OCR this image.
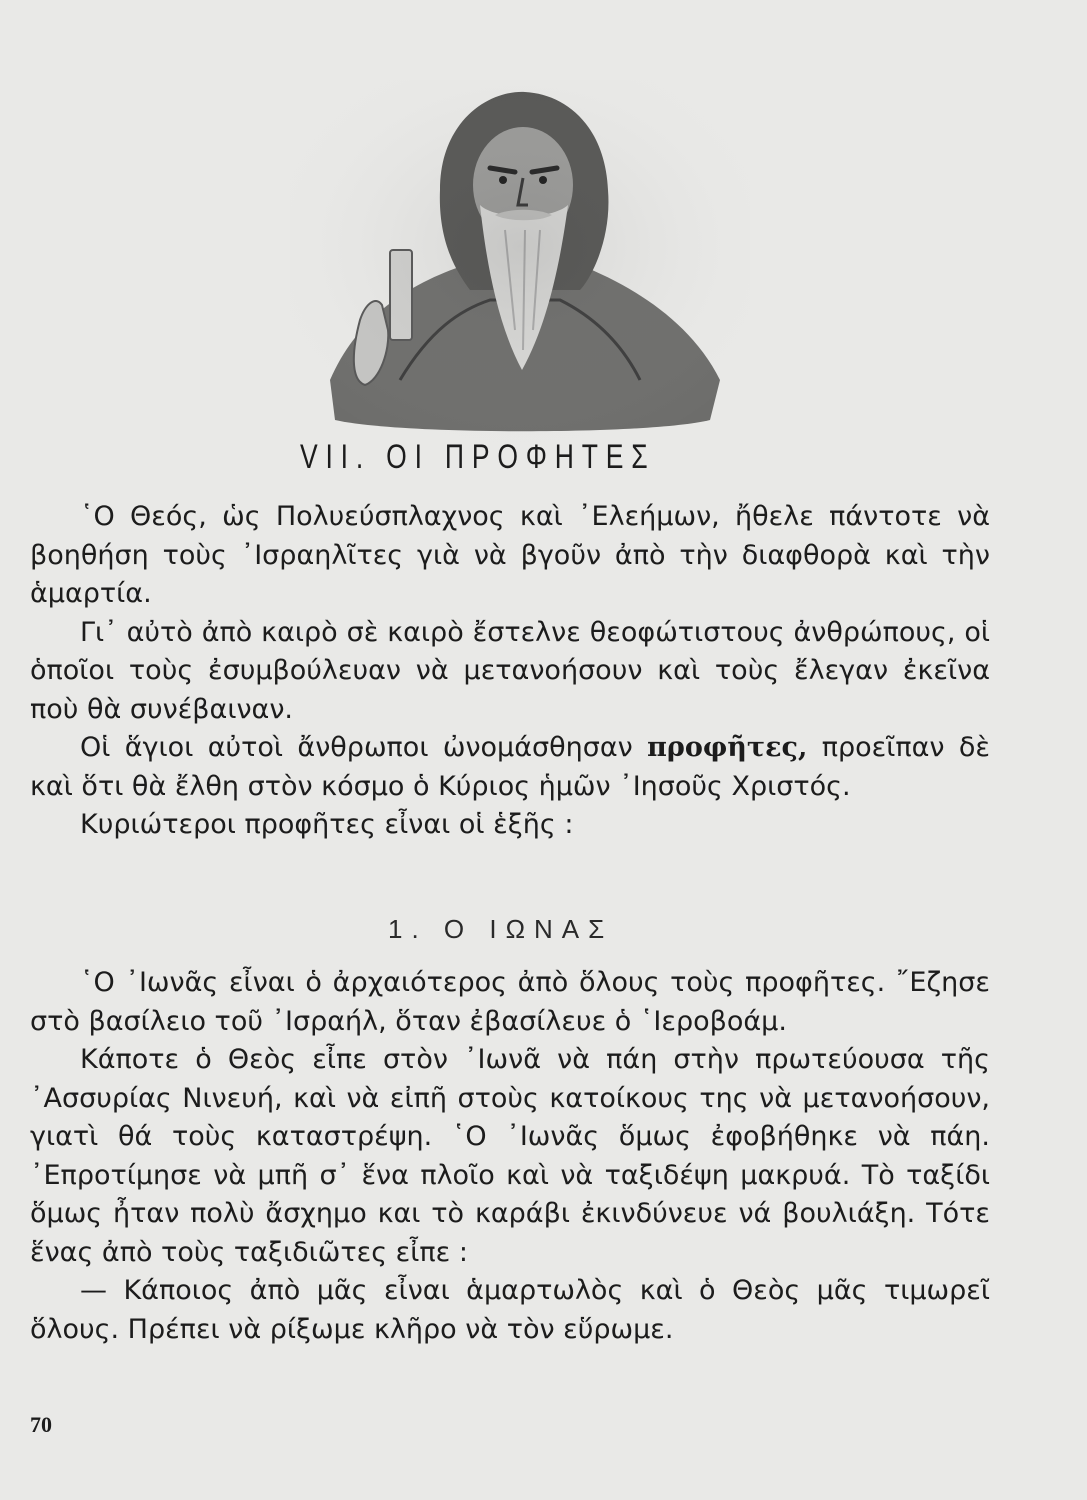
VII. ΟΙ ΠΡΟΦΗΤΕΣ

῾Ο Θεός, ὡς Πολυεύσπλαχνος καὶ ᾿Ελεήμων, ἤθελε πάντοτε νὰ βοηθήση τοὺς ᾿Ισραηλῖτες γιὰ νὰ βγοῦν ἀπὸ τὴν διαφθορὰ καὶ τὴν ἁμαρτία.

Γι᾿ αὐτὸ ἀπὸ καιρὸ σὲ καιρὸ ἔστελνε θεοφώτιστους ἀνθρώπους, οἱ ὁποῖοι τοὺς ἐσυμβούλευαν νὰ μετανοήσουν καὶ τοὺς ἔλεγαν ἐκεῖνα ποὺ θὰ συνέβαιναν.

Οἱ ἅγιοι αὐτοὶ ἄνθρωποι ὠνομάσθησαν προφῆτες, προεῖπαν δὲ καὶ ὅτι θὰ ἔλθη στὸν κόσμο ὁ Κύριος ἡμῶν ᾿Ιησοῦς Χριστός.

Κυριώτεροι προφῆτες εἶναι οἱ ἑξῆς :

1. Ο ΙΩΝΑΣ

῾Ο ᾿Ιωνᾶς εἶναι ὁ ἀρχαιότερος ἀπὸ ὅλους τοὺς προφῆτες. ῎Εζησε στὸ βασίλειο τοῦ ᾿Ισραήλ, ὅταν ἐβασίλευε ὁ ῾Ιεροβοάμ.

Κάποτε ὁ Θεὸς εἶπε στὸν ᾿Ιωνᾶ νὰ πάη στὴν πρωτεύουσα τῆς ᾿Ασσυρίας Νινευή, καὶ νὰ εἰπῆ στοὺς κατοίκους της νὰ μετανοήσουν, γιατὶ θά τοὺς καταστρέψη. ῾Ο ᾿Ιωνᾶς ὅμως ἐφοβήθηκε νὰ πάη. ᾿Επροτίμησε νὰ μπῆ σ᾿ ἕνα πλοῖο καὶ νὰ ταξιδέψη μακρυά. Τὸ ταξίδι ὅμως ἦταν πολὺ ἄσχημο και τὸ καράβι ἐκινδύνευε νά βουλιάξη. Τότε ἕνας ἀπὸ τοὺς ταξιδιῶτες εἶπε :

— Κάποιος ἀπὸ μᾶς εἶναι ἁμαρτωλὸς καὶ ὁ Θεὸς μᾶς τιμωρεῖ ὅλους. Πρέπει νὰ ρίξωμε κλῆρο νὰ τὸν εὕρωμε.

70
